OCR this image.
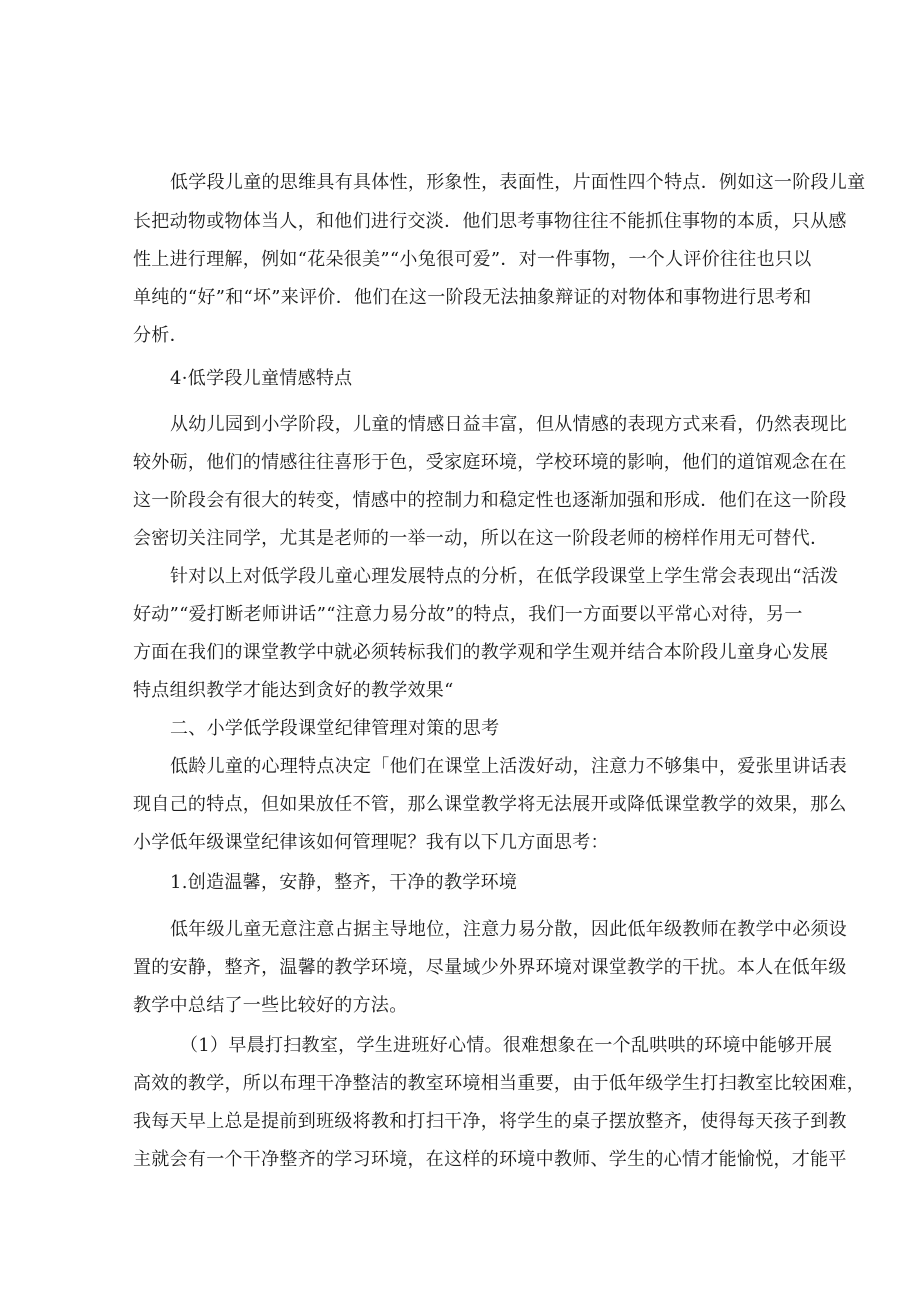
低学段儿童的思维具有具体性，形象性，表面性，片面性四个特点．例如这一阶段儿童
长把动物或物体当人，和他们进行交淡．他们思考事物往往不能抓住事物的本质，只从感
性上进行理解，例如“花朵很美”“小兔很可爱”．对一件事物，一个人评价往往也只以
单纯的“好”和“坏”来评价．他们在这一阶段无法抽象辩证的对物体和事物进行思考和
分析．
4·低学段儿童情感特点
从幼儿园到小学阶段，儿童的情感日益丰富，但从情感的表现方式来看，仍然表现比
较外砺，他们的情感往往喜形于色，受家庭环境，学校环境的影响，他们的道馆观念在在
这一阶段会有很大的转变，情感中的控制力和稳定性也逐渐加强和形成．他们在这一阶段
会密切关注同学，尤其是老师的一举一动，所以在这一阶段老师的榜样作用无可替代．
针对以上对低学段儿童心理发展特点的分析，在低学段课堂上学生常会表现出“活泼
好动”“爱打断老师讲话”“注意力易分故”的特点，我们一方面要以平常心对待，另一
方面在我们的课堂教学中就必须转标我们的教学观和学生观并结合本阶段儿童身心发展
特点组织教学才能达到贪好的教学效果“
二、小学低学段课堂纪律管理对策的思考
低龄儿童的心理特点决定「他们在课堂上活泼好动，注意力不够集中，爱张里讲话表
现自己的特点，但如果放任不管，那么课堂教学将无法展开或降低课堂教学的效果，那么
小学低年级课堂纪律该如何管理呢？我有以下几方面思考：
1.创造温馨，安静，整齐，干净的教学环境
低年级儿童无意注意占据主导地位，注意力易分散，因此低年级教师在教学中必须设
置的安静，整齐，温馨的教学环境，尽量域少外界环境对课堂教学的干扰。本人在低年级
教学中总结了一些比较好的方法。
（1）早晨打扫教室，学生进班好心情。很难想象在一个乱哄哄的环境中能够开展
高效的教学，所以布理干净整洁的教室环境相当重要，由于低年级学生打扫教室比较困难，
我每天早上总是提前到班级将教和打扫干净，将学生的桌子摆放整齐，使得每天孩子到教
主就会有一个干净整齐的学习环境，在这样的环境中教师、学生的心情才能愉悦，才能平
